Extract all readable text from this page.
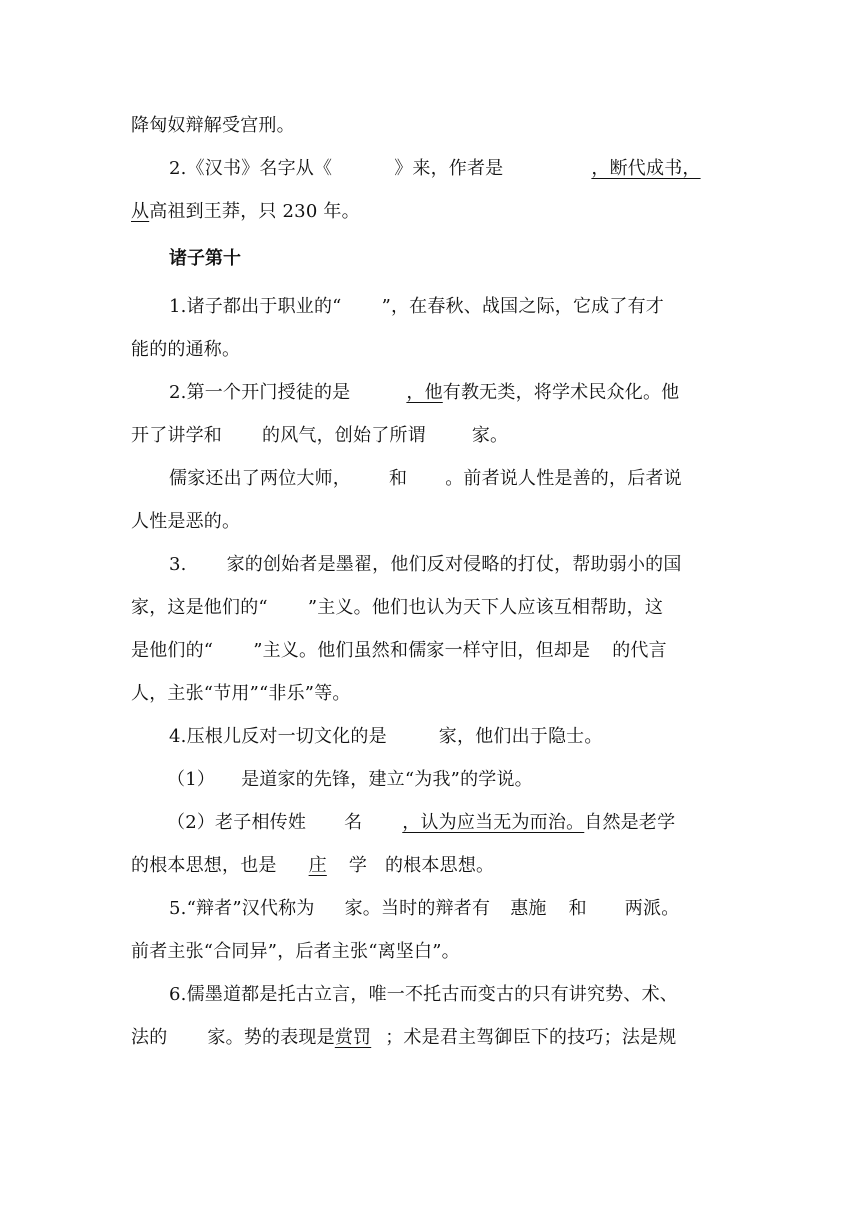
降匈奴辩解受宫刑。
2.《汉书》名字从《	》来，作者是	，断代成书，
从高祖到王莽，只 230 年。
诸子第十
1.诸子都出于职业的“ ”，在春秋、战国之际，它成了有才
能的的通称。
2.第一个开门授徒的是	，他有教无类，将学术民众化。他
开了讲学和 的风气，创始了所谓	家。
儒家还出了两位大师， 和 。前者说人性是善的，后者说
人性是恶的。
3. 家的创始者是墨翟，他们反对侵略的打仗，帮助弱小的国
家，这是他们的“ ”主义。他们也认为天下人应该互相帮助，这
是他们的“ ”主义。他们虽然和儒家一样守旧，但却是 的代言
人，主张“节用”“非乐”等。
4.压根儿反对一切文化的是	家，他们出于隐士。
（1） 是道家的先锋，建立“为我”的学说。
（2）老子相传姓 名 ，认为应当无为而治。自然是老学
的根本思想，也是 庄 学 的根本思想。
5.“辩者”汉代称为 家。当时的辩者有 惠施 和 两派。
前者主张“合同异”，后者主张“离坚白”。
6.儒墨道都是托古立言，唯一不托古而变古的只有讲究势、术、
法的 家。势的表现是赏罚 ；术是君主驾御臣下的技巧；法是规
